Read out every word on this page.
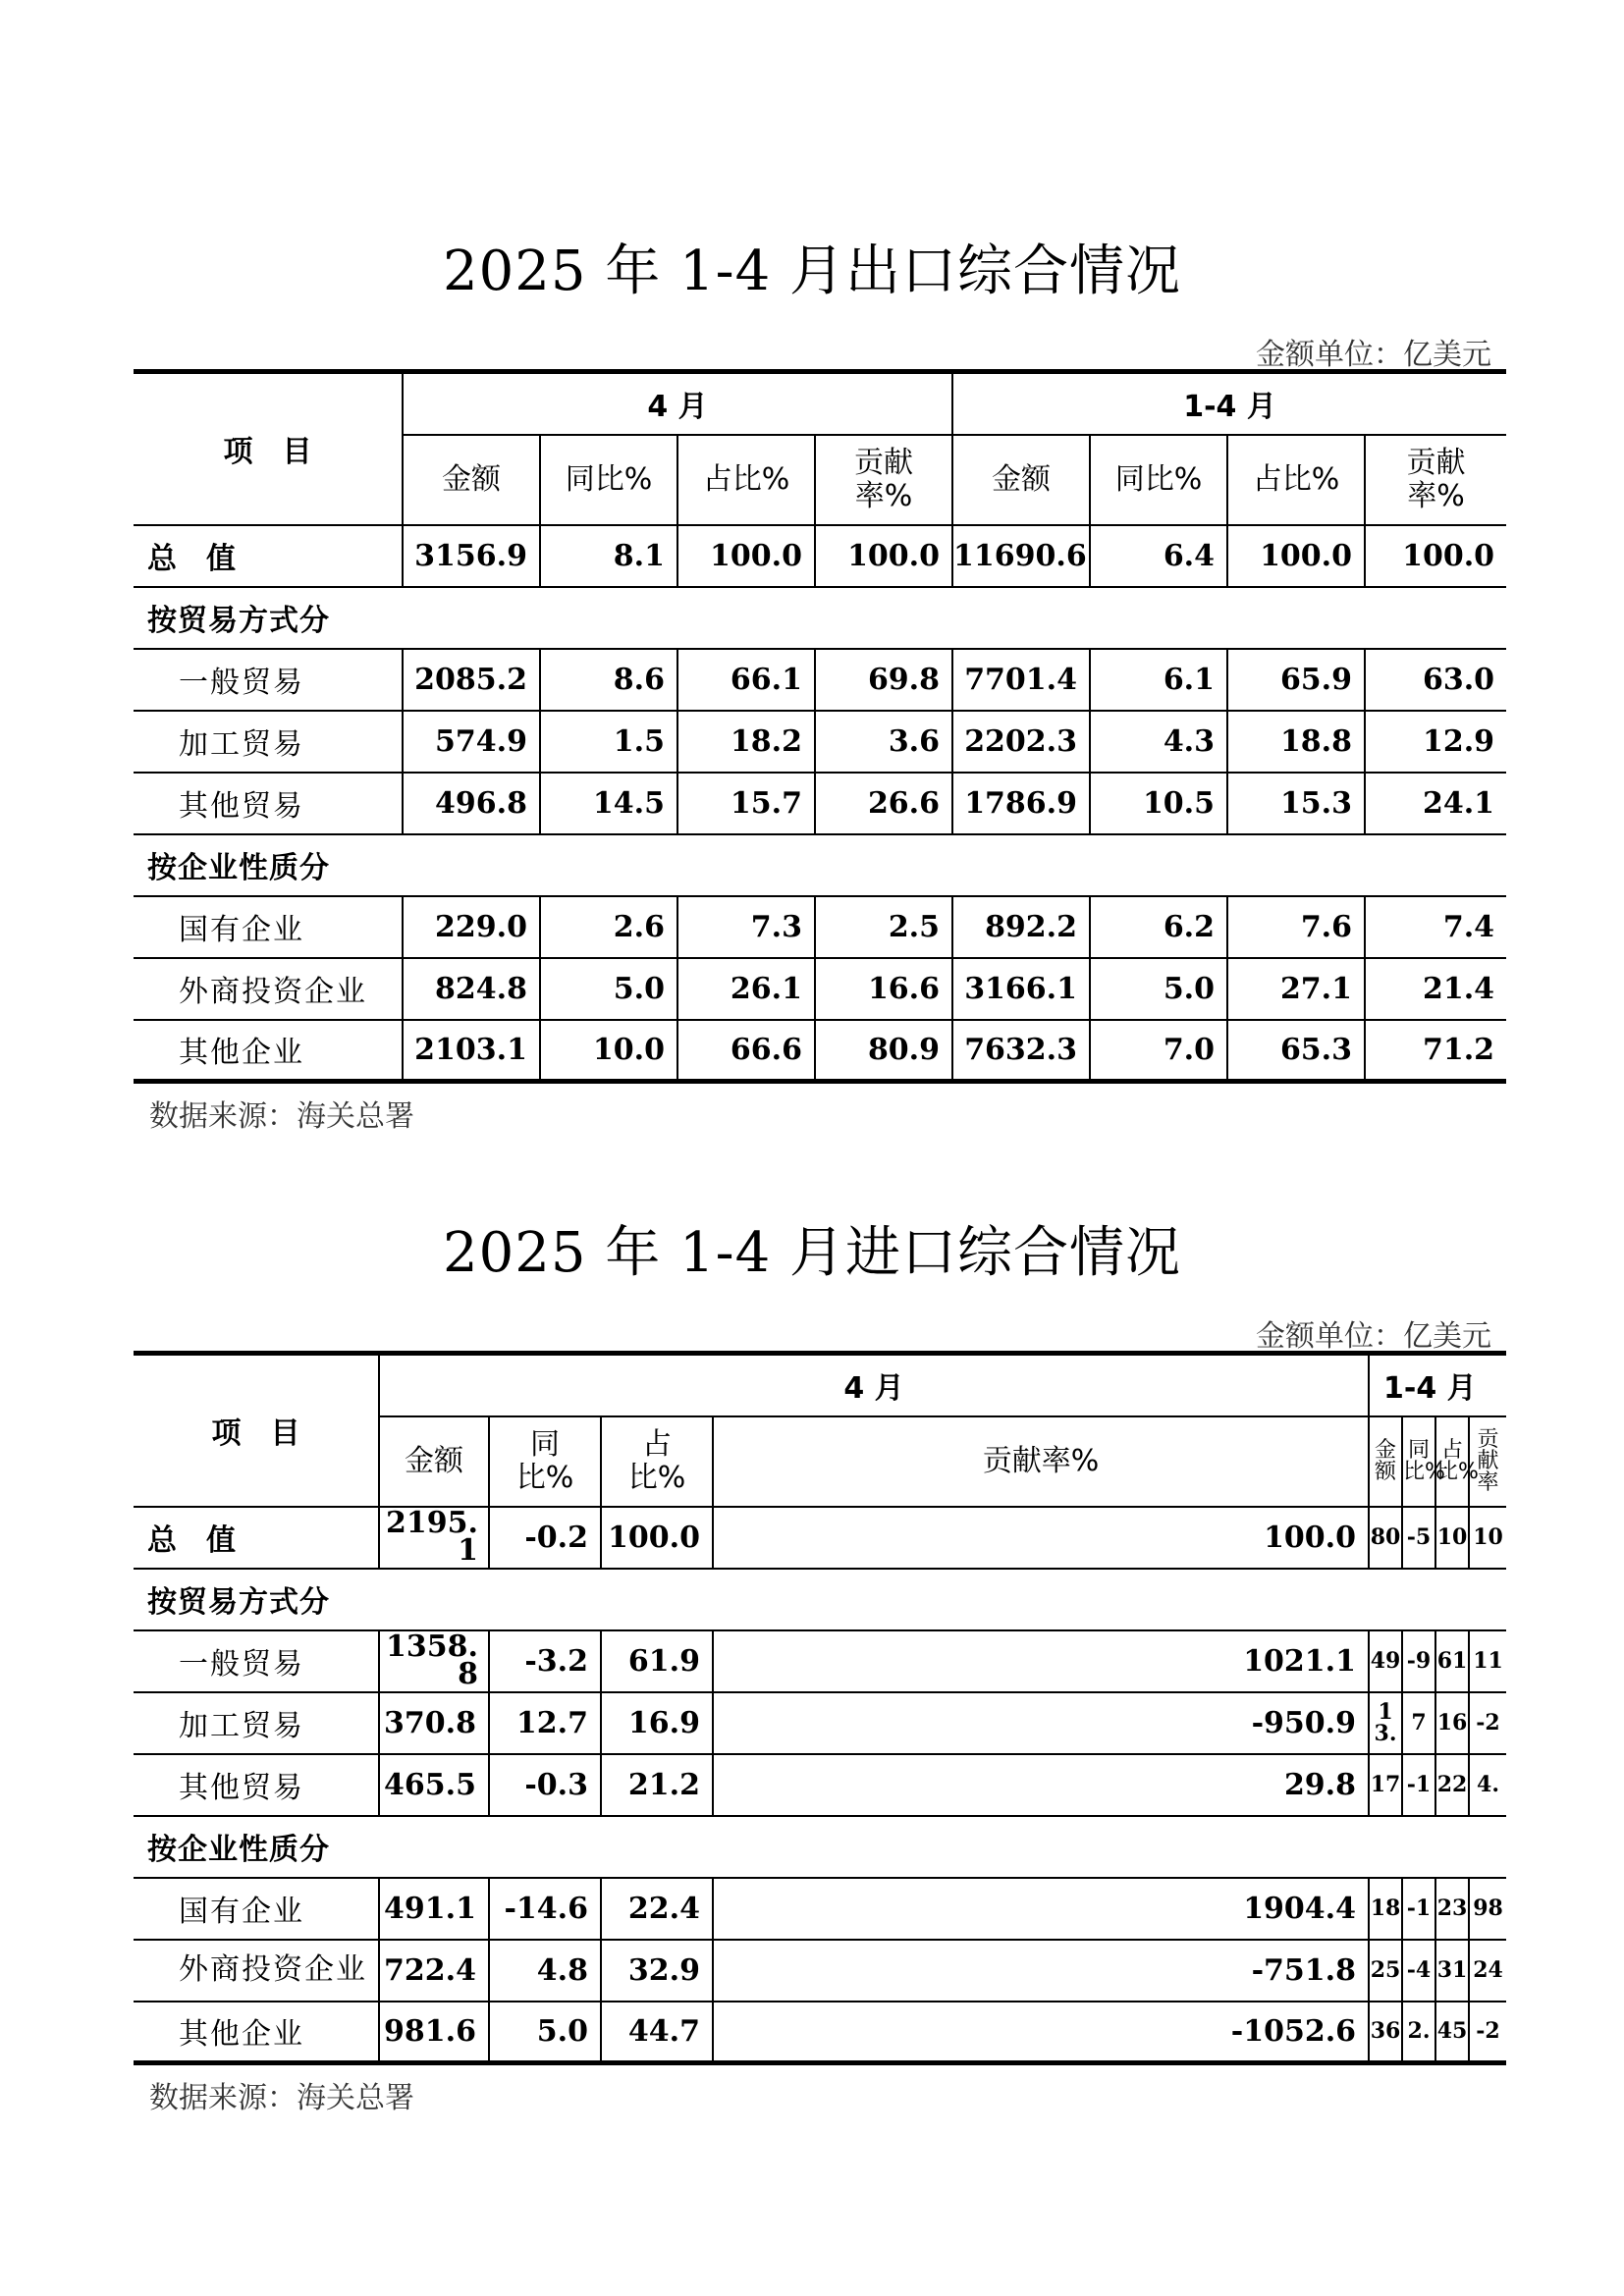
2025 年 1-4 月出口综合情况
金额单位：亿美元
项　目	4 月				1-4 月			
	金额	同比%	占比%	贡献率%	金额	同比%	占比%	贡献率%
总　值	3156.9	8.1	100.0	100.0	11690.6	6.4	100.0	100.0
按贸易方式分								
一般贸易	2085.2	8.6	66.1	69.8	7701.4	6.1	65.9	63.0
加工贸易	574.9	1.5	18.2	3.6	2202.3	4.3	18.8	12.9
其他贸易	496.8	14.5	15.7	26.6	1786.9	10.5	15.3	24.1
按企业性质分								
国有企业	229.0	2.6	7.3	2.5	892.2	6.2	7.6	7.4
外商投资企业	824.8	5.0	26.1	16.6	3166.1	5.0	27.1	21.4
其他企业	2103.1	10.0	66.6	80.9	7632.3	7.0	65.3	71.2
数据来源：海关总署
2025 年 1-4 月进口综合情况
金额单位：亿美元
项　目	4 月				1-4 月			
	金额	同比%	占比%	贡献率%	金额	同比%	占比%	贡献率
总　值	2195.1	-0.2	100.0	100.0	80	-5	10	10
按贸易方式分								
一般贸易	1358.8	-3.2	61.9	1021.1	49	-9	61	11
加工贸易	370.8	12.7	16.9	-950.9	13.	7	16	-2
其他贸易	465.5	-0.3	21.2	29.8	17	-1	22	4.
按企业性质分								
国有企业	491.1	-14.6	22.4	1904.4	18	-1	23	98
外商投资企业	722.4	4.8	32.9	-751.8	25	-4	31	24
其他企业	981.6	5.0	44.7	-1052.6	36	2.	45	-2
数据来源：海关总署
